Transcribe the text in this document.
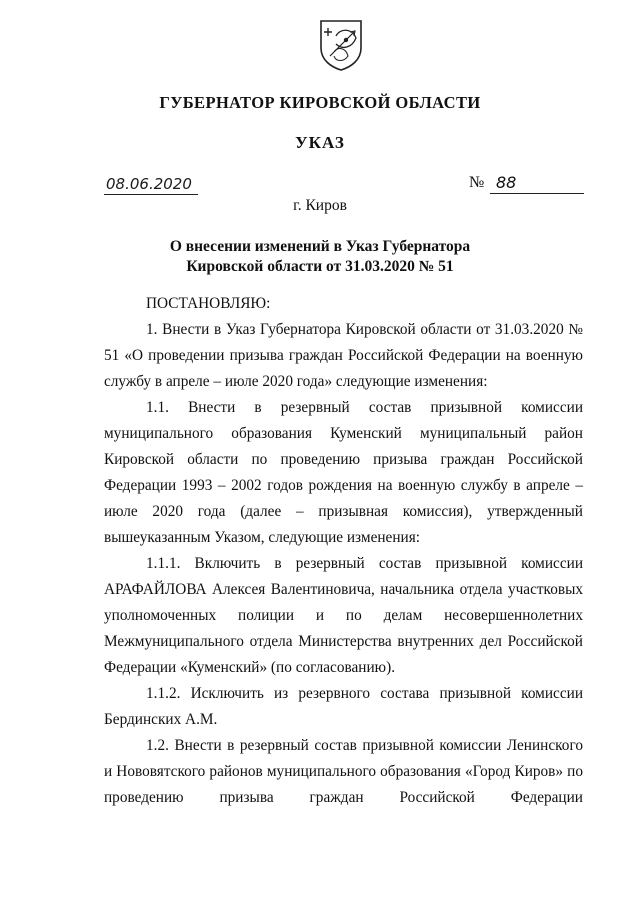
ГУБЕРНАТОР КИРОВСКОЙ ОБЛАСТИ
УКАЗ
08.06.2020	№ 88
г. Киров
О внесении изменений в Указ Губернатора
Кировской области от 31.03.2020 № 51

ПОСТАНОВЛЯЮ:

1. Внести в Указ Губернатора Кировской области от 31.03.2020 № 51 «О проведении призыва граждан Российской Федерации на военную службу в апреле – июле 2020 года» следующие изменения:

1.1. Внести в резервный состав призывной комиссии муниципального образования Куменский муниципальный район Кировской области по проведению призыва граждан Российской Федерации 1993 – 2002 годов рождения на военную службу в апреле – июле 2020 года (далее – призывная комиссия), утвержденный вышеуказанным Указом, следующие изменения:

1.1.1. Включить в резервный состав призывной комиссии АРАФАЙЛОВА Алексея Валентиновича, начальника отдела участковых уполномоченных полиции и по делам несовершеннолетних Межмуниципального отдела Министерства внутренних дел Российской Федерации «Куменский» (по согласованию).

1.1.2. Исключить из резервного состава призывной комиссии Бердинских А.М.

1.2. Внести в резервный состав призывной комиссии Ленинского и Нововятского районов муниципального образования «Город Киров» по проведению призыва граждан Российской Федерации
